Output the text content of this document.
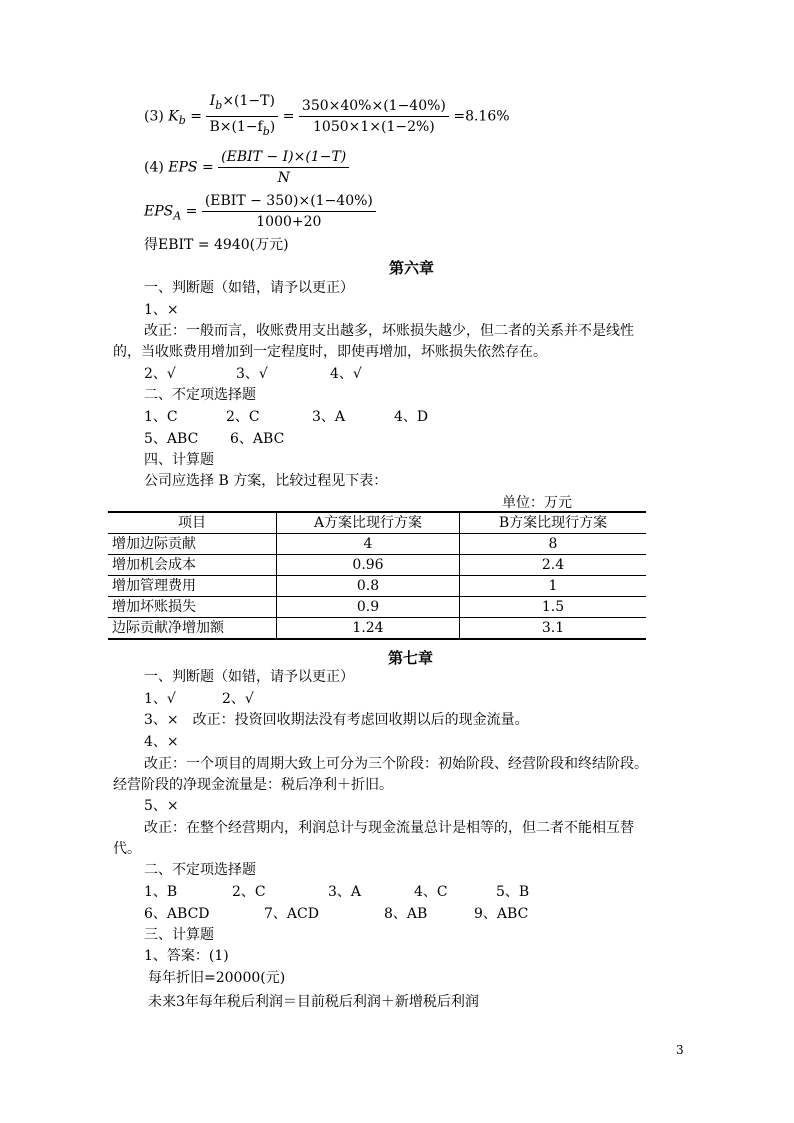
(3) $K_b = \frac{I_b\times(1-T)}{B\times(1-f_b)} = \frac{350\times 40\%\times(1-40\%)}{1050\times 1\times(1-2\%)} =8.16\%$
(4) EPS = $\frac{\text{(EBIT − I)×(1−T)}}{N}$
$EPS_A = \frac{\text{(EBIT − 350)×(1−40\%)}}{1000+20}$
得EBIT = 4940(万元)
第六章
一、判断题（如错，请予以更正）
1、×
改正：一般而言，收账费用支出越多，坏账损失越少，但二者的关系并不是线性
的，当收账费用增加到一定程度时，即使再增加，坏账损失依然存在。
2、√	3、√	4、√
二、不定项选择题
1、C	2、C	3、A	4、D
5、ABC 6、ABC
四、计算题
公司应选择 B 方案，比较过程见下表：
单位：万元
项目	A方案比现行方案	B方案比现行方案
增加边际贡献	4	8
增加机会成本	0.96	2.4
增加管理费用	0.8	1
增加坏账损失	0.9	1.5
边际贡献净增加额	1.24	3.1
第七章
一、判断题（如错，请予以更正）
1、√	2、√
3、×　改正：投资回收期法没有考虑回收期以后的现金流量。
4、×
改正：一个项目的周期大致上可分为三个阶段：初始阶段、经营阶段和终结阶段。
经营阶段的净现金流量是：税后净利＋折旧。
5、×
改正：在整个经营期内，利润总计与现金流量总计是相等的，但二者不能相互替
代。
二、不定项选择题
1、B	2、C	3、A	4、C	5、B
6、ABCD	7、ACD	8、AB	9、ABC
三、计算题
1、答案：(1)
每年折旧=20000(元)
未来3年每年税后利润＝目前税后利润＋新增税后利润
3
